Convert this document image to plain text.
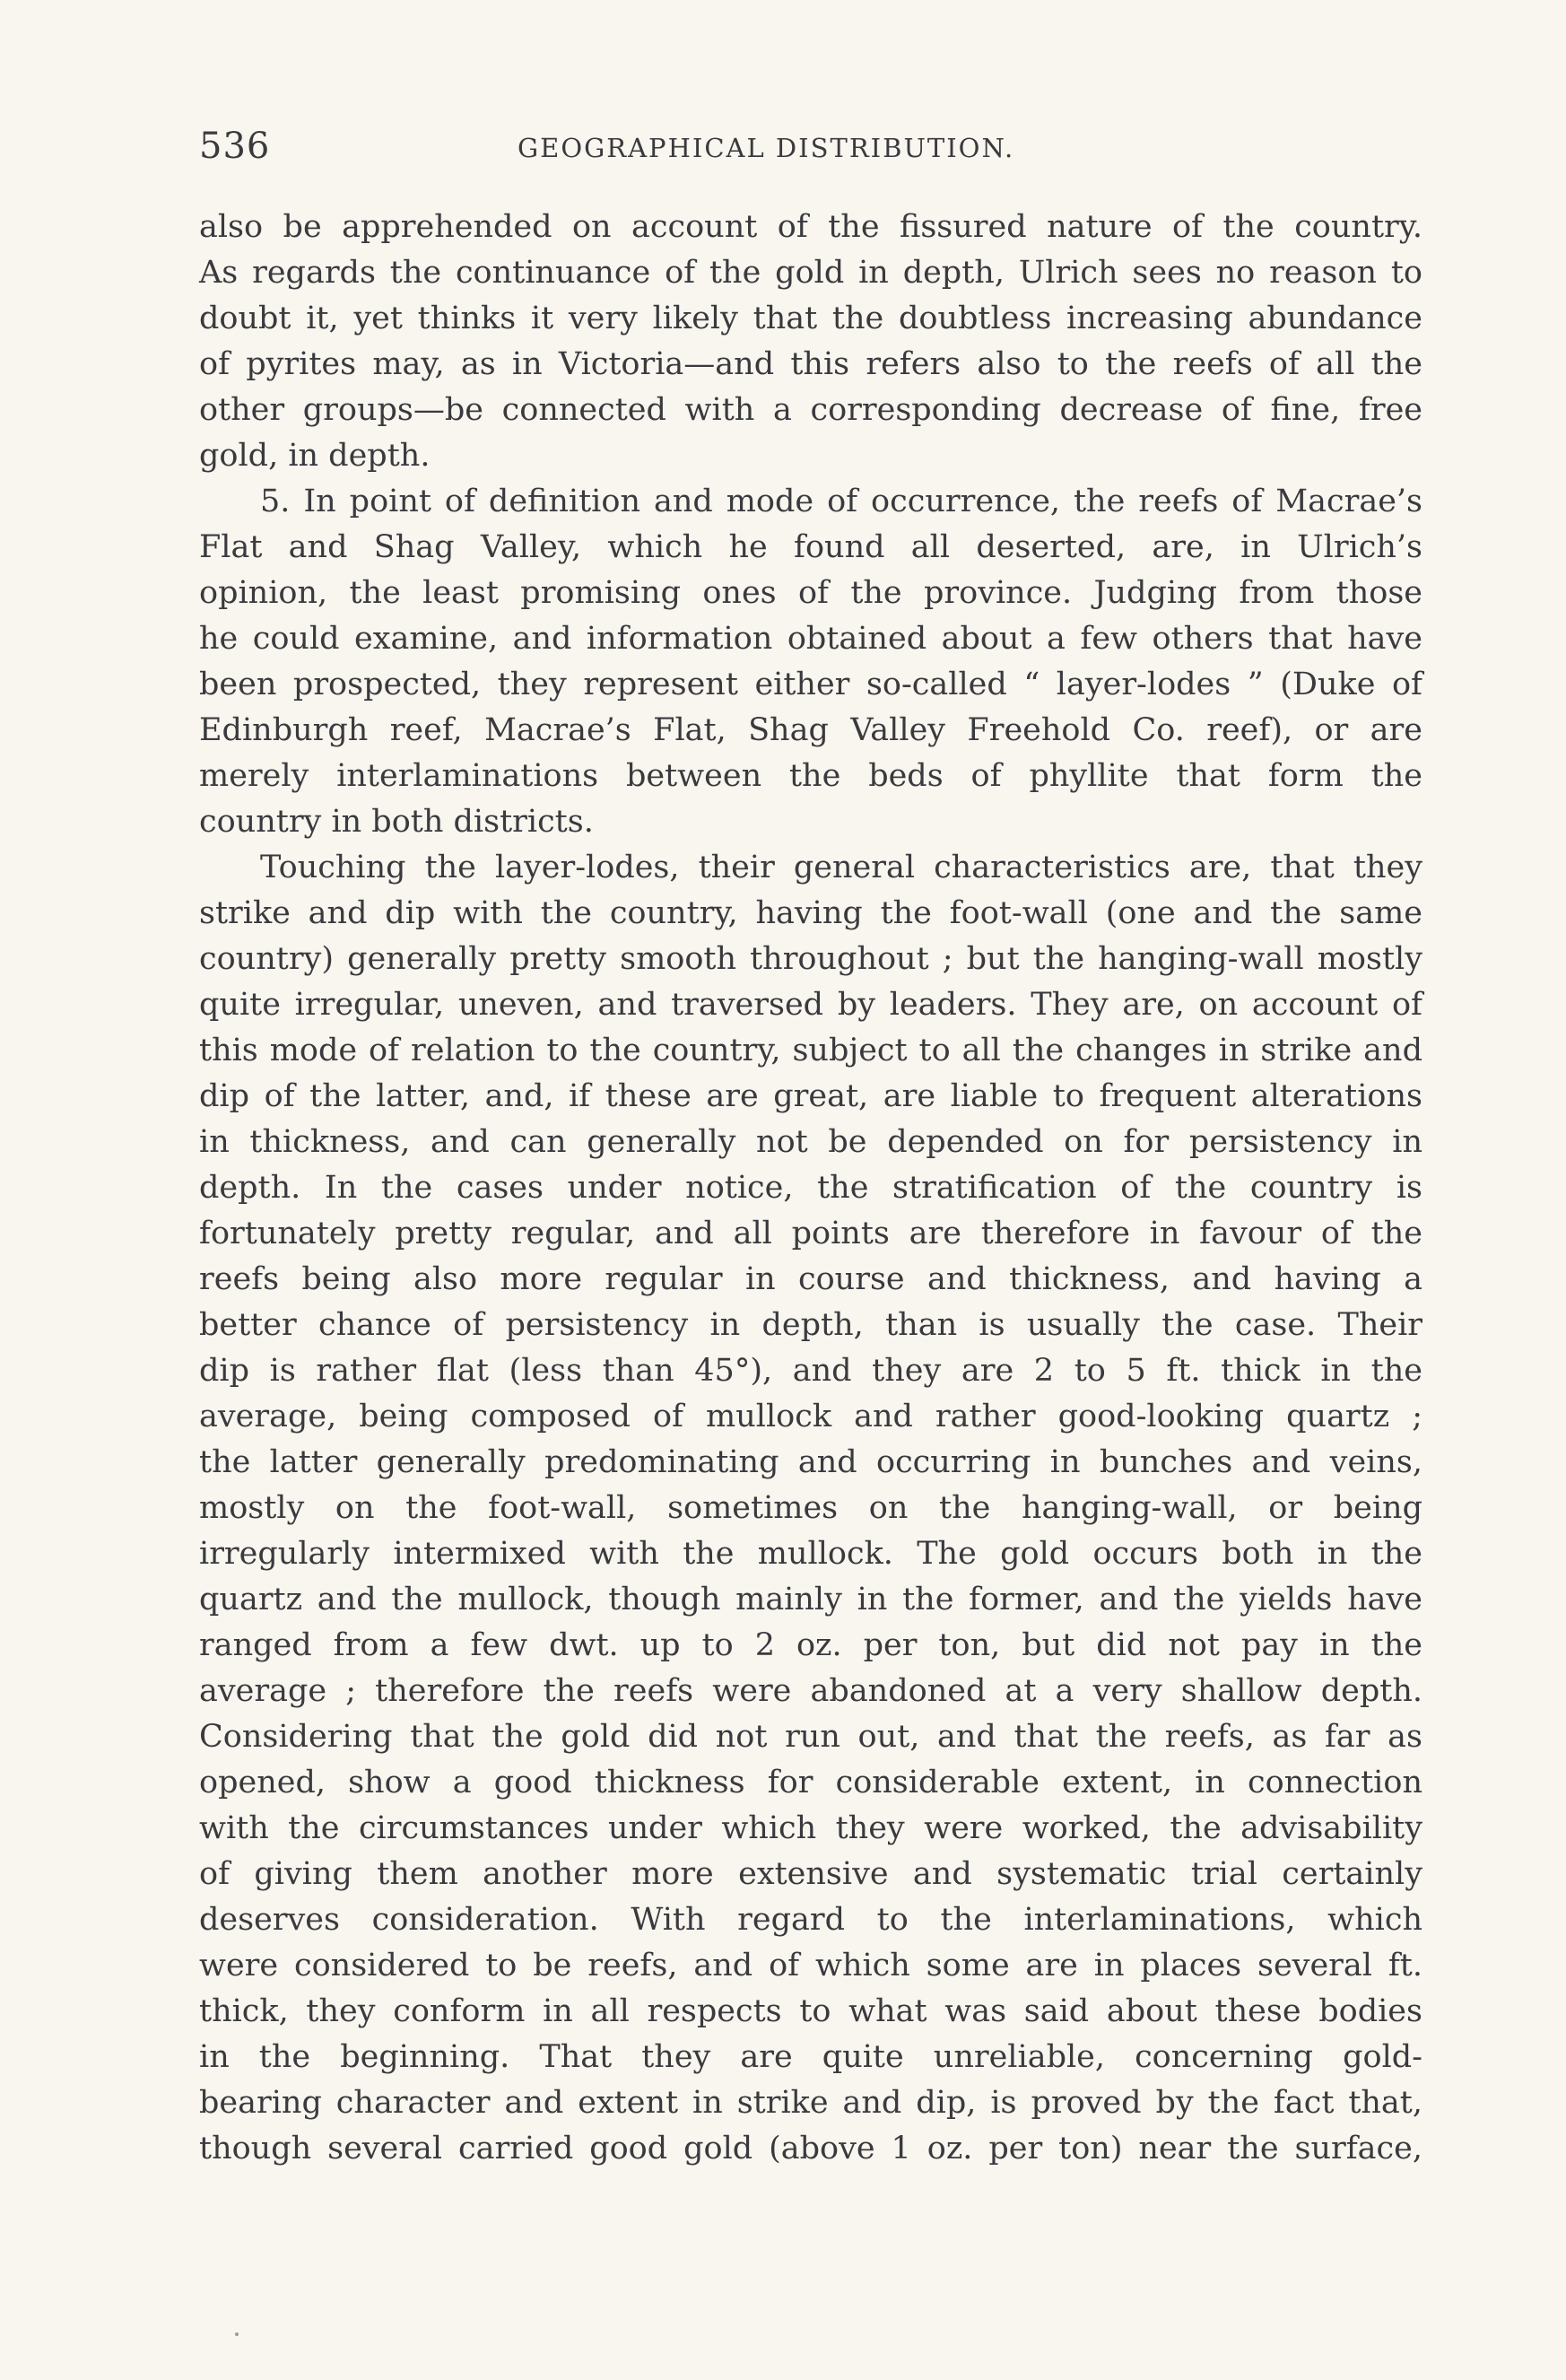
536	GEOGRAPHICAL DISTRIBUTION.
also be apprehended on account of the fissured nature of the country.
As regards the continuance of the gold in depth, Ulrich sees no reason to
doubt it, yet thinks it very likely that the doubtless increasing abundance
of pyrites may, as in Victoria—and this refers also to the reefs of all the
other groups—be connected with a corresponding decrease of fine, free
gold, in depth.
5. In point of definition and mode of occurrence, the reefs of Macrae’s
Flat and Shag Valley, which he found all deserted, are, in Ulrich’s
opinion, the least promising ones of the province. Judging from those
he could examine, and information obtained about a few others that have
been prospected, they represent either so-called “ layer-lodes ” (Duke of
Edinburgh reef, Macrae’s Flat, Shag Valley Freehold Co. reef), or are
merely interlaminations between the beds of phyllite that form the
country in both districts.
Touching the layer-lodes, their general characteristics are, that they
strike and dip with the country, having the foot-wall (one and the same
country) generally pretty smooth throughout ; but the hanging-wall mostly
quite irregular, uneven, and traversed by leaders. They are, on account of
this mode of relation to the country, subject to all the changes in strike and
dip of the latter, and, if these are great, are liable to frequent alterations
in thickness, and can generally not be depended on for persistency in
depth. In the cases under notice, the stratification of the country is
fortunately pretty regular, and all points are therefore in favour of the
reefs being also more regular in course and thickness, and having a
better chance of persistency in depth, than is usually the case. Their
dip is rather flat (less than 45°), and they are 2 to 5 ft. thick in the
average, being composed of mullock and rather good-looking quartz ;
the latter generally predominating and occurring in bunches and veins,
mostly on the foot-wall, sometimes on the hanging-wall, or being
irregularly intermixed with the mullock. The gold occurs both in the
quartz and the mullock, though mainly in the former, and the yields have
ranged from a few dwt. up to 2 oz. per ton, but did not pay in the
average ; therefore the reefs were abandoned at a very shallow depth.
Considering that the gold did not run out, and that the reefs, as far as
opened, show a good thickness for considerable extent, in connection
with the circumstances under which they were worked, the advisability
of giving them another more extensive and systematic trial certainly
deserves consideration. With regard to the interlaminations, which
were considered to be reefs, and of which some are in places several ft.
thick, they conform in all respects to what was said about these bodies
in the beginning. That they are quite unreliable, concerning gold-
bearing character and extent in strike and dip, is proved by the fact that,
though several carried good gold (above 1 oz. per ton) near the surface,
